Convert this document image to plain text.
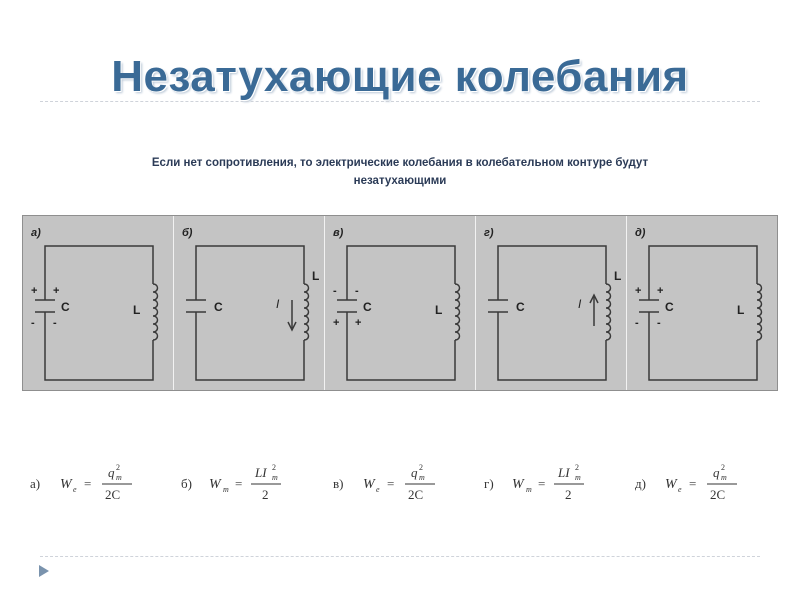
Незатухающие колебания
Если нет сопротивления, то электрические колебания в колебательном контуре будут
незатухающими
а)
+ +
C
- -
L
б)
C	I
L
в)
- -
C
+ +
L
г)
C	I
L
д)
+ +
C
- -
L
а) W e =
q 2
m
2C
б) W m =
LI 2
m
2
в) W e =
q 2
m
2C
г) W m =
LI 2
m
2
д) W e =
q 2
m
2C
